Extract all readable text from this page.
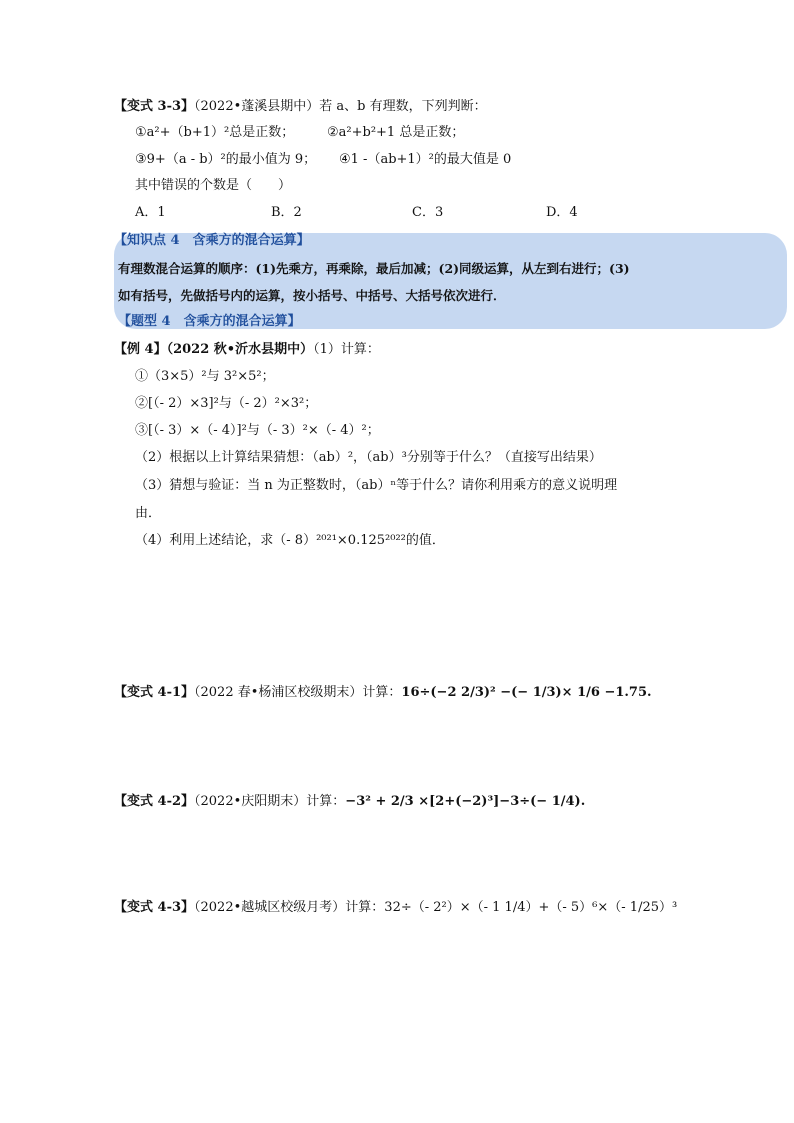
【变式 3-3】（2022•蓬溪县期中）若 a、b 有理数，下列判断：
①a²+（b+1）²总是正数；	②a²+b²+1 总是正数；
③9+（a - b）²的最小值为 9； ④1 -（ab+1）²的最大值是 0
其中错误的个数是（　　）
A．1	B．2	C．3	D．4
【知识点 4　含乘方的混合运算】
有理数混合运算的顺序：(1)先乘方，再乘除，最后加减；(2)同级运算，从左到右进行；(3)
如有括号，先做括号内的运算，按小括号、中括号、大括号依次进行．
【题型 4　含乘方的混合运算】
【例 4】（2022 秋•沂水县期中）（1）计算：
①（3×5）²与 3²×5²；
②[（- 2）×3]²与（- 2）²×3²；
③[（- 3）×（- 4）]²与（- 3）²×（- 4）²；
（2）根据以上计算结果猜想：（ab）²，（ab）³分别等于什么？（直接写出结果）
（3）猜想与验证：当 n 为正整数时，（ab）ⁿ等于什么？请你利用乘方的意义说明理
由．
（4）利用上述结论，求（- 8）²⁰²¹×0.125²⁰²²的值．
【变式 4-1】（2022 春•杨浦区校级期末）计算：16÷(−2 2/3)² −(− 1/3)× 1/6 −1.75.
【变式 4-2】（2022•庆阳期末）计算：−3² + 2/3 ×[2+(−2)³]−3÷(− 1/4).
【变式 4-3】（2022•越城区校级月考）计算：32÷（- 2²）×（- 1 1/4）+（- 5）⁶×（- 1/25）³
